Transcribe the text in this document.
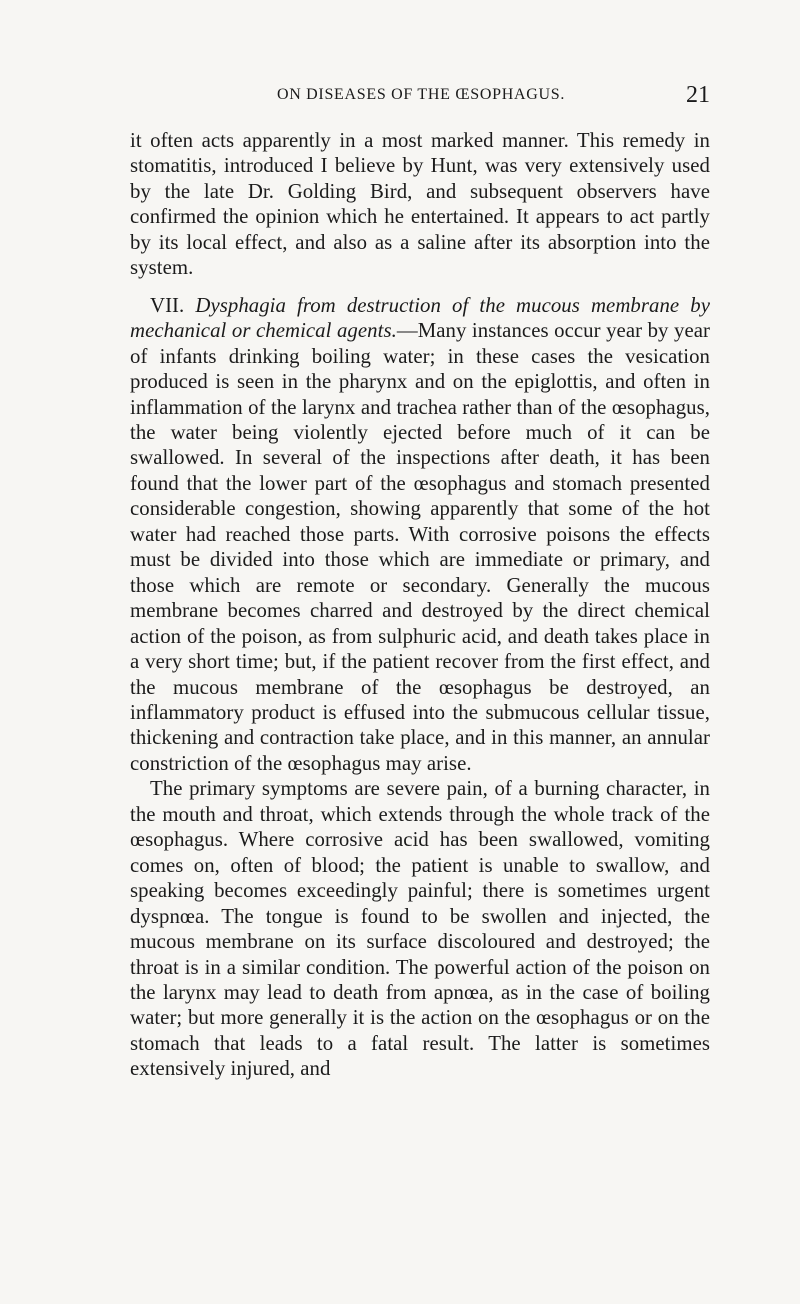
ON DISEASES OF THE ŒSOPHAGUS.	21

it often acts apparently in a most marked manner. This remedy in stomatitis, introduced I believe by Hunt, was very extensively used by the late Dr. Golding Bird, and subsequent observers have confirmed the opinion which he entertained. It appears to act partly by its local effect, and also as a saline after its absorption into the system.

VII. Dysphagia from destruction of the mucous membrane by mechanical or chemical agents.—Many instances occur year by year of infants drinking boiling water; in these cases the vesication produced is seen in the pharynx and on the epiglottis, and often in inflammation of the larynx and trachea rather than of the œsophagus, the water being violently ejected before much of it can be swallowed. In several of the inspections after death, it has been found that the lower part of the œsophagus and stomach presented considerable congestion, showing apparently that some of the hot water had reached those parts. With corrosive poisons the effects must be divided into those which are immediate or primary, and those which are remote or secondary. Generally the mucous membrane becomes charred and destroyed by the direct chemical action of the poison, as from sulphuric acid, and death takes place in a very short time; but, if the patient recover from the first effect, and the mucous membrane of the œsophagus be destroyed, an inflammatory product is effused into the submucous cellular tissue, thickening and contraction take place, and in this manner, an annular constriction of the œsophagus may arise.

The primary symptoms are severe pain, of a burning character, in the mouth and throat, which extends through the whole track of the œsophagus. Where corrosive acid has been swallowed, vomiting comes on, often of blood; the patient is unable to swallow, and speaking becomes exceedingly painful; there is sometimes urgent dyspnœa. The tongue is found to be swollen and injected, the mucous membrane on its surface discoloured and destroyed; the throat is in a similar condition. The powerful action of the poison on the larynx may lead to death from apnœa, as in the case of boiling water; but more generally it is the action on the œsophagus or on the stomach that leads to a fatal result. The latter is sometimes extensively injured, and
